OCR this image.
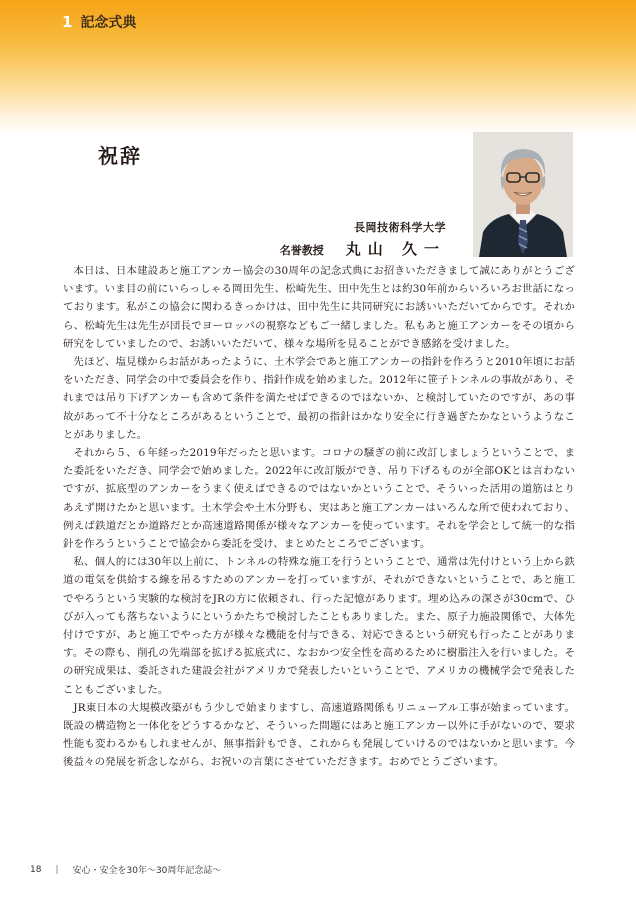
1 記念式典
祝辞
長岡技術科学大学
名誉教授 丸山 久一

本日は、日本建設あと施工アンカー協会の30周年の記念式典にお招きいただきまして誠にありがとうございます。いま目の前にいらっしゃる岡田先生、松崎先生、田中先生とは約30年前からいろいろお世話になっております。私がこの協会に関わるきっかけは、田中先生に共同研究にお誘いいただいてからです。それから、松崎先生は先生が団長でヨーロッパの視察などもご一緒しました。私もあと施工アンカーをその頃から研究をしていましたので、お誘いいただいて、様々な場所を見ることができ感銘を受けました。

先ほど、塩見様からお話があったように、土木学会であと施工アンカーの指針を作ろうと2010年頃にお話をいただき、同学会の中で委員会を作り、指針作成を始めました。2012年に笹子トンネルの事故があり、それまでは吊り下げアンカーも含めて条件を満たせばできるのではないか、と検討していたのですが、あの事故があって不十分なところがあるということで、最初の指針はかなり安全に行き過ぎたかなというようなことがありました。

それから５、６年経った2019年だったと思います。コロナの騒ぎの前に改訂しましょうということで、また委託をいただき、同学会で始めました。2022年に改訂版ができ、吊り下げるものが全部OKとは言わないですが、拡底型のアンカーをうまく使えばできるのではないかということで、そういった活用の道筋はとりあえず開けたかと思います。土木学会や土木分野も、実はあと施工アンカーはいろんな所で使われており、例えば鉄道だとか道路だとか高速道路関係が様々なアンカーを使っています。それを学会として統一的な指針を作ろうということで協会から委託を受け、まとめたところでございます。

私、個人的には30年以上前に、トンネルの特殊な施工を行うということで、通常は先付けという上から鉄道の電気を供給する線を吊るすためのアンカーを打っていますが、それができないということで、あと施工でやろうという実験的な検討をJRの方に依頼され、行った記憶があります。埋め込みの深さが30cmで、ひびが入っても落ちないようにというかたちで検討したこともありました。また、原子力施設関係で、大体先付けですが、あと施工でやった方が様々な機能を付与できる、対応できるという研究も行ったことがあります。その際も、削孔の先端部を拡げる拡底式に、なおかつ安全性を高めるために樹脂注入を行いました。その研究成果は、委託された建設会社がアメリカで発表したいということで、アメリカの機械学会で発表したこともございました。

JR東日本の大規模改築がもう少しで始まりますし、高速道路関係もリニューアル工事が始まっています。既設の構造物と一体化をどうするかなど、そういった問題にはあと施工アンカー以外に手がないので、要求性能も変わるかもしれませんが、無事指針もでき、これからも発展していけるのではないかと思います。今後益々の発展を祈念しながら、お祝いの言葉にさせていただきます。おめでとうございます。

18 | 安心・安全を30年～30周年記念誌～
